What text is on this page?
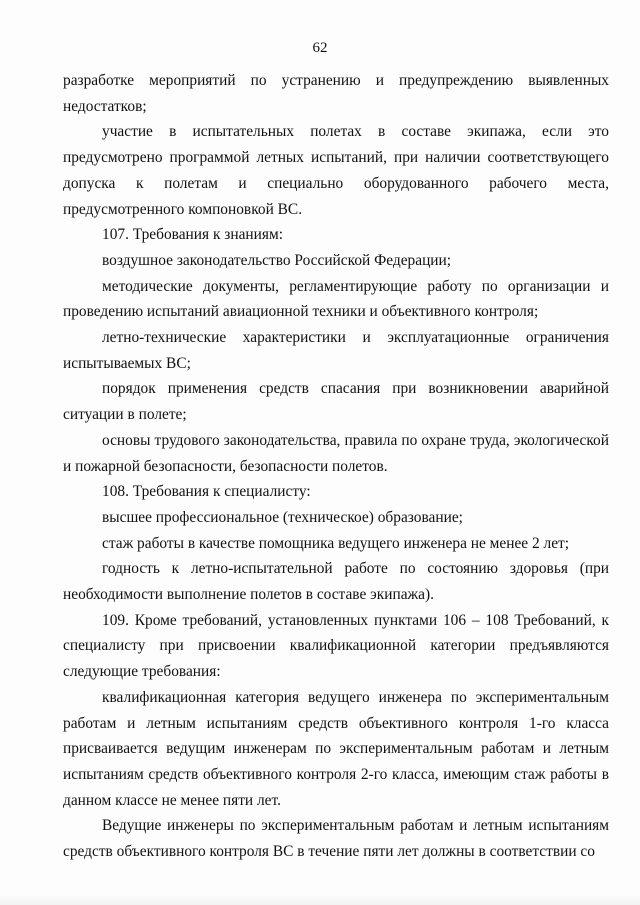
62

разработке мероприятий по устранению и предупреждению выявленных недостатков;

участие в испытательных полетах в составе экипажа, если это предусмотрено программой летных испытаний, при наличии соответствующего допуска к полетам и специально оборудованного рабочего места, предусмотренного компоновкой ВС.

107. Требования к знаниям:

воздушное законодательство Российской Федерации;

методические документы, регламентирующие работу по организации и проведению испытаний авиационной техники и объективного контроля;

летно-технические характеристики и эксплуатационные ограничения испытываемых ВС;

порядок применения средств спасания при возникновении аварийной ситуации в полете;

основы трудового законодательства, правила по охране труда, экологической и пожарной безопасности, безопасности полетов.

108. Требования к специалисту:

высшее профессиональное (техническое) образование;

стаж работы в качестве помощника ведущего инженера не менее 2 лет;

годность к летно-испытательной работе по состоянию здоровья (при необходимости выполнение полетов в составе экипажа).

109. Кроме требований, установленных пунктами 106 – 108 Требований, к специалисту при присвоении квалификационной категории предъявляются следующие требования:

квалификационная категория ведущего инженера по экспериментальным работам и летным испытаниям средств объективного контроля 1-го класса присваивается ведущим инженерам по экспериментальным работам и летным испытаниям средств объективного контроля 2-го класса, имеющим стаж работы в данном классе не менее пяти лет.

Ведущие инженеры по экспериментальным работам и летным испытаниям средств объективного контроля ВС в течение пяти лет должны в соответствии со
